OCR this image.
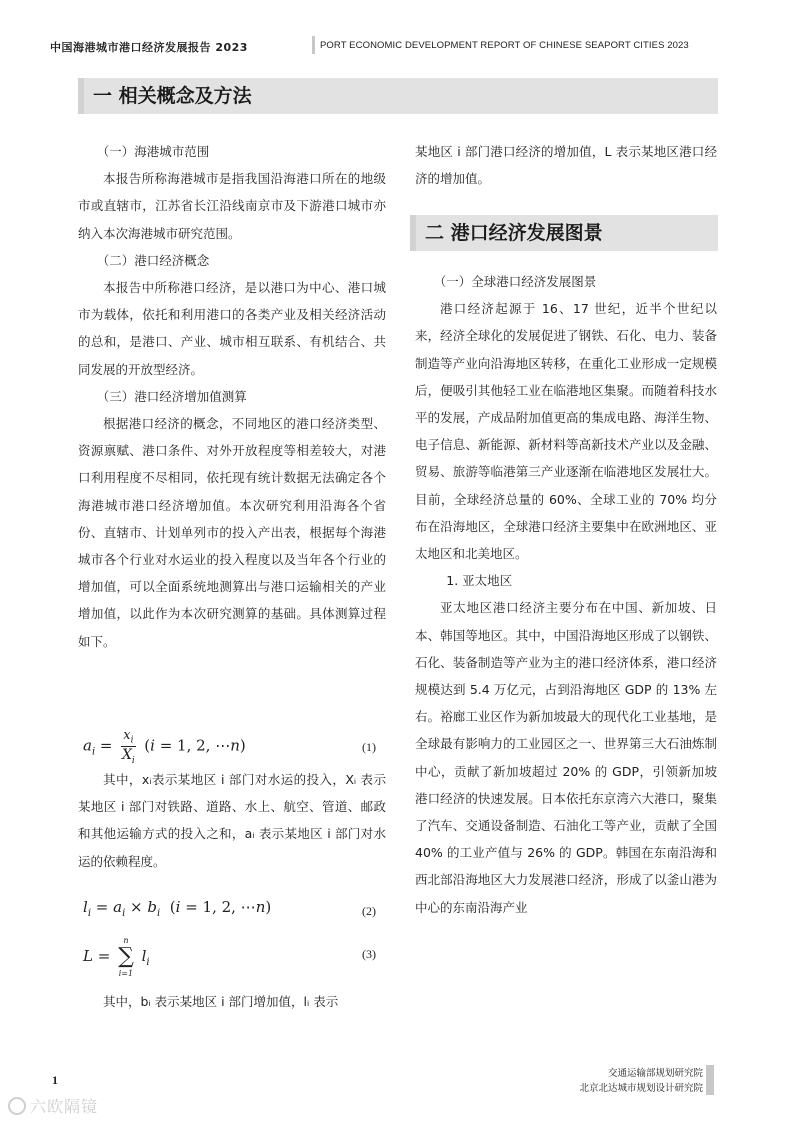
中国海港城市港口经济发展报告 2023	PORT ECONOMIC DEVELOPMENT REPORT OF CHINESE SEAPORT CITIES 2023
一 相关概念及方法
（一）海港城市范围

本报告所称海港城市是指我国沿海港口所在的地级市或直辖市，江苏省长江沿线南京市及下游港口城市亦纳入本次海港城市研究范围。

（二）港口经济概念

本报告中所称港口经济，是以港口为中心、港口城市为载体，依托和利用港口的各类产业及相关经济活动的总和，是港口、产业、城市相互联系、有机结合、共同发展的开放型经济。

（三）港口经济增加值测算

根据港口经济的概念，不同地区的港口经济类型、资源禀赋、港口条件、对外开放程度等相差较大，对港口利用程度不尽相同，依托现有统计数据无法确定各个海港城市港口经济增加值。本次研究利用沿海各个省份、直辖市、计划单列市的投入产出表，根据每个海港城市各个行业对水运业的投入程度以及当年各个行业的增加值，可以全面系统地测算出与港口运输相关的产业增加值，以此作为本次研究测算的基础。具体测算过程如下。

$a_i = \frac{x_i}{X_i} (i = 1$, 2, ⋯n)	(1)

其中，xᵢ表示某地区 i 部门对水运的投入，Xᵢ 表示某地区 i 部门对铁路、道路、水上、航空、管道、邮政和其他运输方式的投入之和，aᵢ 表示某地区 i 部门对水运的依赖程度。

$l_i = a_i \times b_i$  (i = 1, 2, ⋯n)	(2)
L =
n
∑
i=1
$l_i$
(3)

其中，bᵢ 表示某地区 i 部门增加值，lᵢ 表示

二 港口经济发展图景
（一）全球港口经济发展图景

港口经济起源于 16、17 世纪，近半个世纪以来，经济全球化的发展促进了钢铁、石化、电力、装备制造等产业向沿海地区转移，在重化工业形成一定规模后，便吸引其他轻工业在临港地区集聚。而随着科技水平的发展，产成品附加值更高的集成电路、海洋生物、电子信息、新能源、新材料等高新技术产业以及金融、贸易、旅游等临港第三产业逐渐在临港地区发展壮大。目前，全球经济总量的 60%、全球工业的 70% 均分布在沿海地区，全球港口经济主要集中在欧洲地区、亚太地区和北美地区。

1. 亚太地区

亚太地区港口经济主要分布在中国、新加坡、日本、韩国等地区。其中，中国沿海地区形成了以钢铁、石化、装备制造等产业为主的港口经济体系，港口经济规模达到 5.4 万亿元，占到沿海地区 GDP 的 13% 左右。裕廊工业区作为新加坡最大的现代化工业基地，是全球最有影响力的工业园区之一、世界第三大石油炼制中心，贡献了新加坡超过 20% 的 GDP，引领新加坡港口经济的快速发展。日本依托东京湾六大港口，聚集了汽车、交通设备制造、石油化工等产业，贡献了全国 40% 的工业产值与 26% 的 GDP。韩国在东南沿海和西北部沿海地区大力发展港口经济，形成了以釜山港为中心的东南沿海产业

1	交通运输部规划研究院
北京北达城市规划设计研究院
六欧隔镜
某地区 i 部门港口经济的增加值，L 表示某地区港口经济的增加值。
